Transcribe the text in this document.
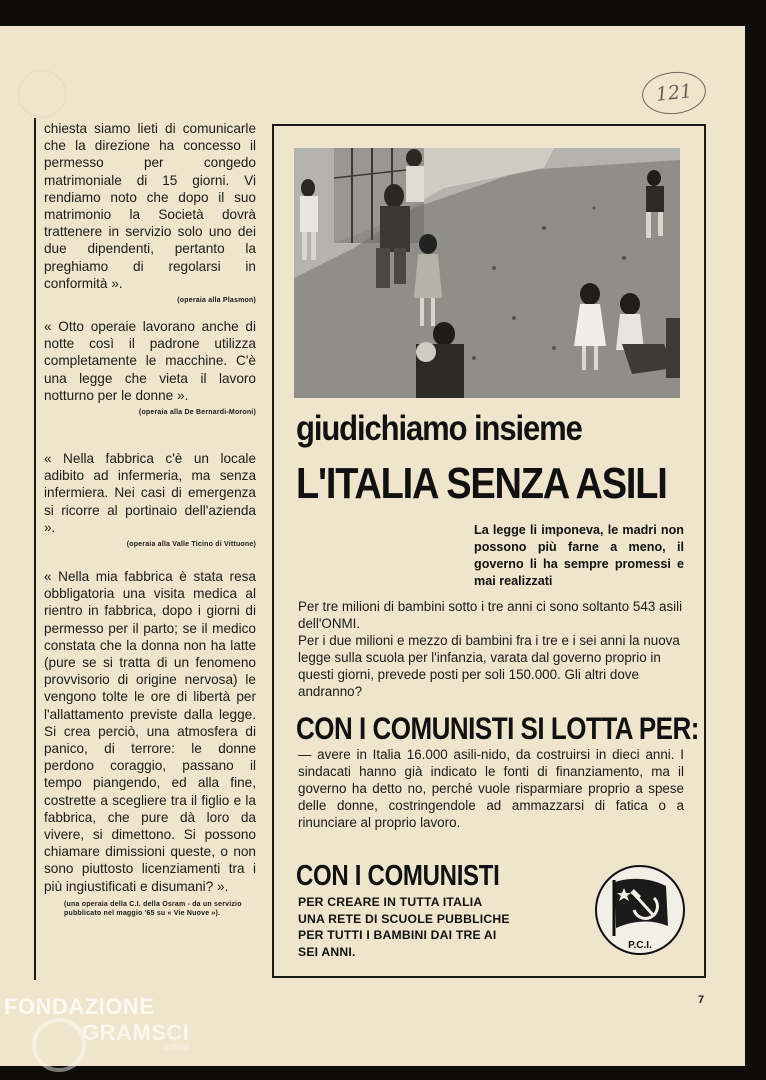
121

chiesta siamo lieti di comunicarle che la direzione ha concesso il permesso per congedo matrimoniale di 15 giorni. Vi rendiamo noto che dopo il suo matrimonio la Società dovrà trattenere in servizio solo uno dei due dipendenti, pertanto la preghiamo di regolarsi in conformità ».

(operaia alla Plasmon)

« Otto operaie lavorano anche di notte così il padrone utilizza completamente le macchine. C'è una legge che vieta il lavoro notturno per le donne ».

(operaia alla De Bernardi-Moroni)

« Nella fabbrica c'è un locale adibito ad infermeria, ma senza infermiera. Nei casi di emergenza si ricorre al portinaio dell'azienda ».

(operaia alla Valle Ticino di Vittuone)

« Nella mia fabbrica è stata resa obbligatoria una visita medica al rientro in fabbrica, dopo i giorni di permesso per il parto; se il medico constata che la donna non ha latte (pure se si tratta di un fenomeno provvisorio di origine nervosa) le vengono tolte le ore di libertà per l'allattamento previste dalla legge. Si crea perciò, una atmosfera di panico, di terrore: le donne perdono coraggio, passano il tempo piangendo, ed alla fine, costrette a scegliere tra il figlio e la fabbrica, che pure dà loro da vivere, si dimettono. Si possono chiamare dimissioni queste, o non sono piuttosto licenziamenti tra i più ingiustificati e disumani? ».

(una operaia della C.I. della Osram - da un servizio pubblicato nel maggio '65 su « Vie Nuove »).
giudichiamo insieme
L'ITALIA SENZA ASILI
La legge li imponeva, le madri non possono più farne a meno, il governo li ha sempre promessi e mai realizzati

Per tre milioni di bambini sotto i tre anni ci sono soltanto 543 asili dell'ONMI.

Per i due milioni e mezzo di bambini fra i tre e i sei anni la nuova legge sulla scuola per l'infanzia, varata dal governo proprio in questi giorni, prevede posti per soli 150.000. Gli altri dove andranno?

CON I COMUNISTI SI LOTTA PER:
— avere in Italia 16.000 asili-nido, da costruirsi in dieci anni. I sindacati hanno già indicato le fonti di finanziamento, ma il governo ha detto no, perché vuole risparmiare proprio a spese delle donne, costringendole ad ammazzarsi di fatica o a rinunciare al proprio lavoro.
CON I COMUNISTI
PER CREARE IN TUTTA ITALIA UNA RETE DI SCUOLE PUBBLICHE PER TUTTI I BAMBINI DAI TRE AI SEI ANNI.	P.C.I.
7
FONDAZIONE
GRAMSCI
online
